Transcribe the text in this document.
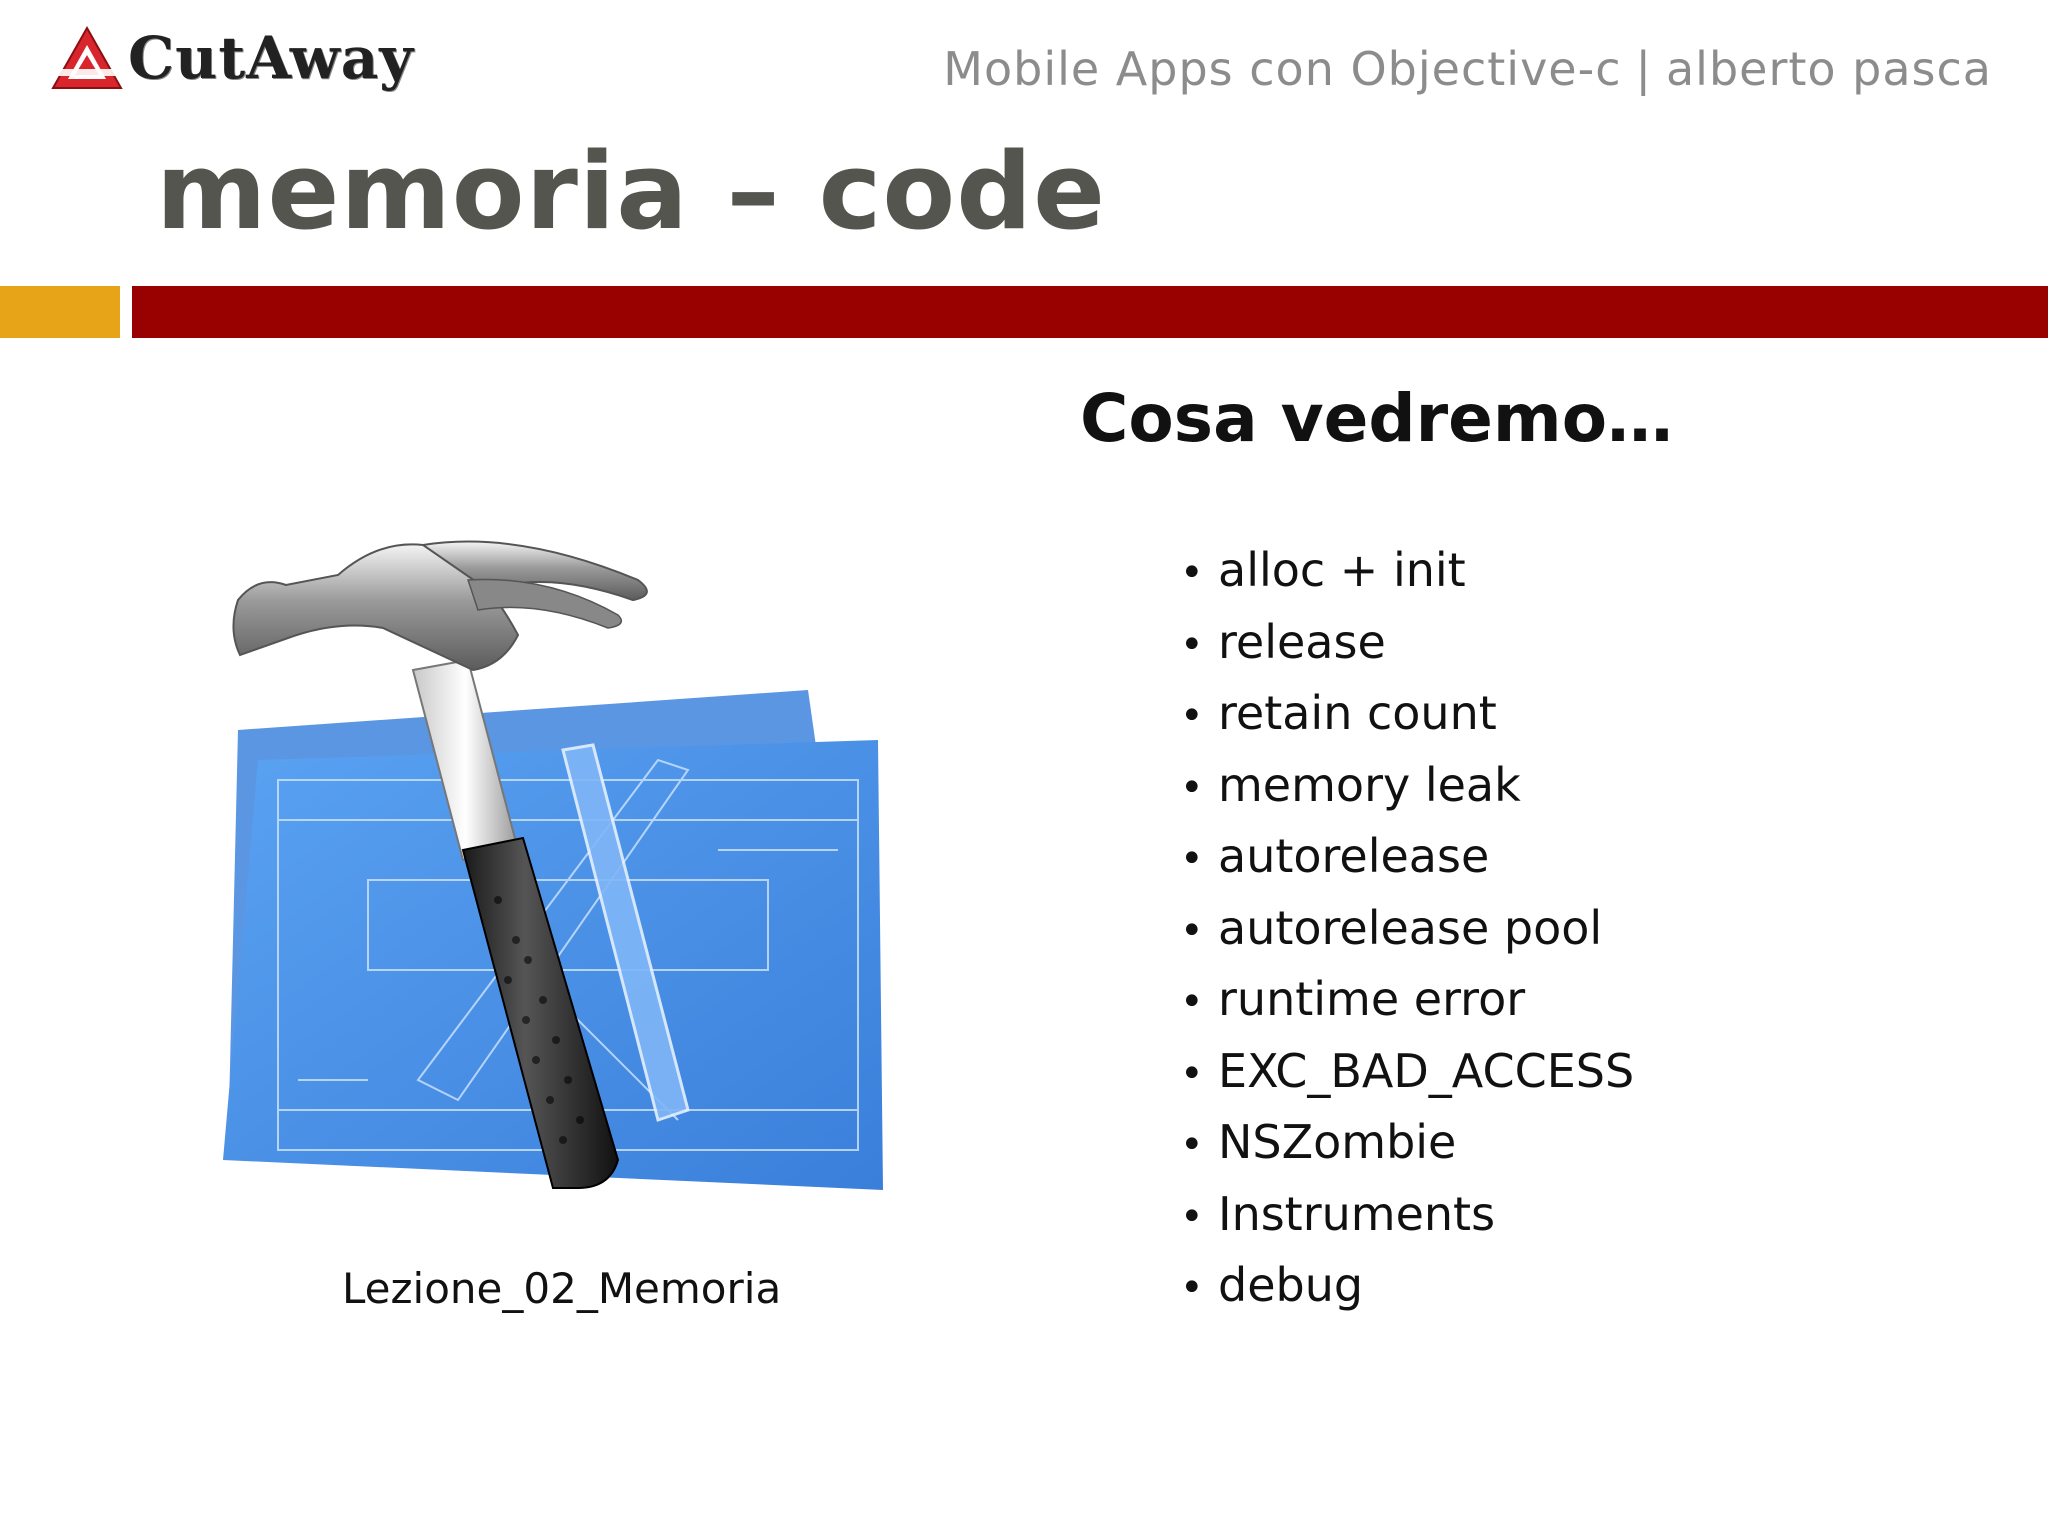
CutAway	Mobile Apps con Objective-c | alberto pasca
memoria – code
Lezione_02_Memoria
Cosa vedremo…
• alloc + init
• release
• retain count
• memory leak
• autorelease
• autorelease pool
• runtime error
• EXC_BAD_ACCESS
• NSZombie
• Instruments
• debug
